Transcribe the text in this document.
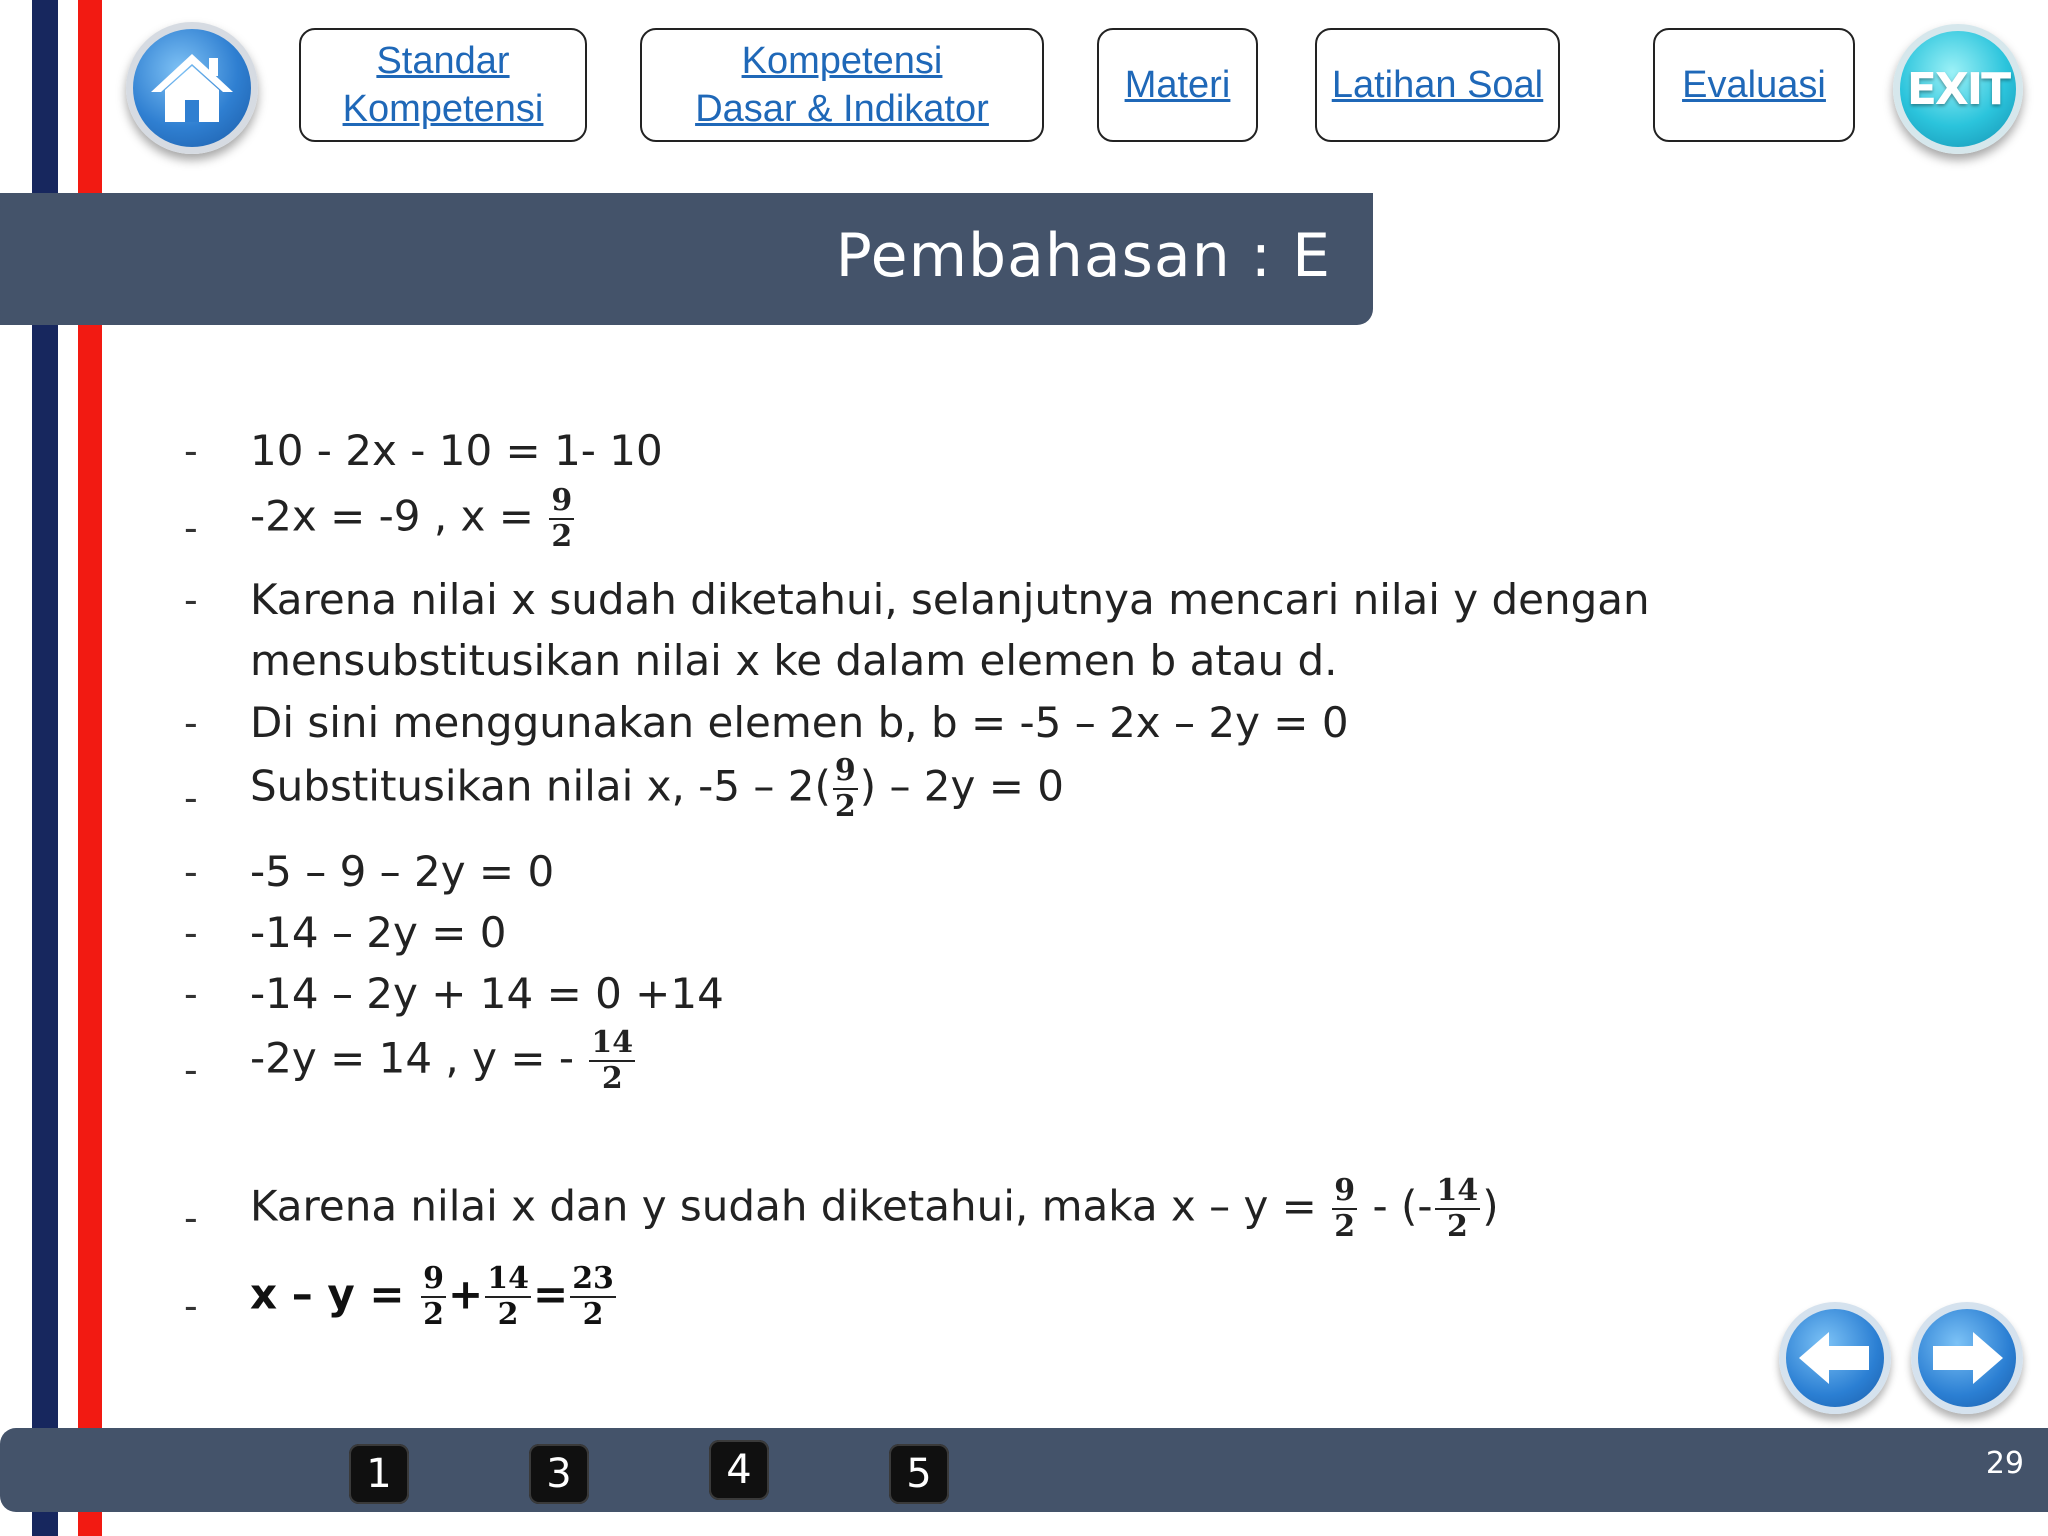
Standar
Kompetensi
Kompetensi
Dasar & Indikator
Materi	Latihan Soal	Evaluasi EXIT
Pembahasan : E
- 10 - 2x - 10 = 1- 10
- -2x = -9 , $x = \frac{9}{2}$
- Karena nilai x sudah diketahui, selanjutnya mencari nilai y dengan
mensubstitusikan nilai x ke dalam elemen b atau d.
- Di sini menggunakan elemen b, b = -5 – 2x – 2y = 0
- Substitusikan nilai x, $-5 - 2( \frac{9}{2}$ ) – 2y = 0
- -5 – 9 – 2y = 0
- -14 – 2y = 0
- -14 – 2y + 14 = 0 +14
- -2y = 14 , y = - $\frac{14}{2}$
- Karena nilai x dan y sudah diketahui, maka $x - y = \frac{9}{2}$ - (- $\frac{14}{2}$ )
- $x - y = \frac{9}{2} + \frac{14}{2} = \frac{23}{2}$
1	3	4	5	29
